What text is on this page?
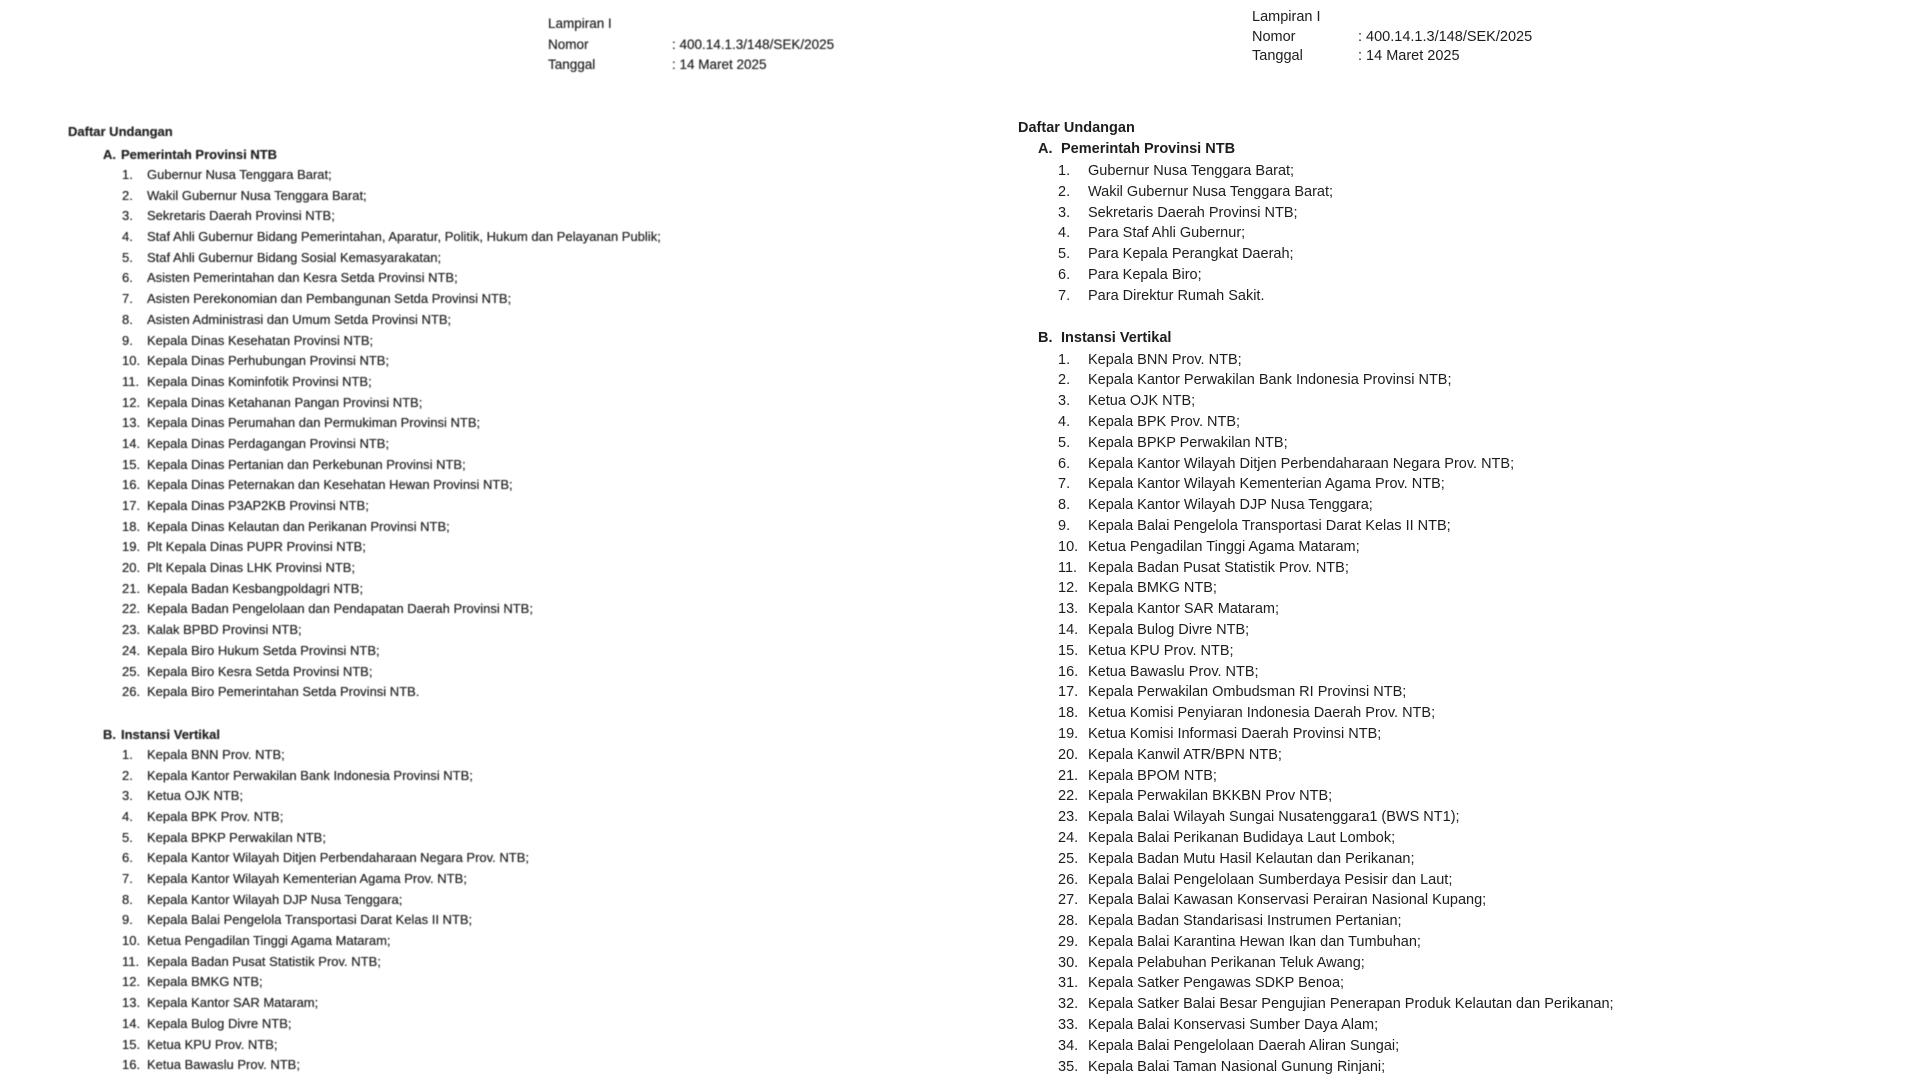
Lampiran I
Nomor	: 400.14.1.3/148/SEK/2025
Tanggal	: 14 Maret 2025
Daftar Undangan
A. Pemerintah Provinsi NTB
1.	Gubernur Nusa Tenggara Barat;
2.	Wakil Gubernur Nusa Tenggara Barat;
3.	Sekretaris Daerah Provinsi NTB;
4.	Staf Ahli Gubernur Bidang Pemerintahan, Aparatur, Politik, Hukum dan Pelayanan Publik;
5.	Staf Ahli Gubernur Bidang Sosial Kemasyarakatan;
6.	Asisten Pemerintahan dan Kesra Setda Provinsi NTB;
7.	Asisten Perekonomian dan Pembangunan Setda Provinsi NTB;
8.	Asisten Administrasi dan Umum Setda Provinsi NTB;
9.	Kepala Dinas Kesehatan Provinsi NTB;
10. Kepala Dinas Perhubungan Provinsi NTB;
11. Kepala Dinas Kominfotik Provinsi NTB;
12. Kepala Dinas Ketahanan Pangan Provinsi NTB;
13. Kepala Dinas Perumahan dan Permukiman Provinsi NTB;
14. Kepala Dinas Perdagangan Provinsi NTB;
15. Kepala Dinas Pertanian dan Perkebunan Provinsi NTB;
16. Kepala Dinas Peternakan dan Kesehatan Hewan Provinsi NTB;
17. Kepala Dinas P3AP2KB Provinsi NTB;
18. Kepala Dinas Kelautan dan Perikanan Provinsi NTB;
19. Plt Kepala Dinas PUPR Provinsi NTB;
20. Plt Kepala Dinas LHK Provinsi NTB;
21. Kepala Badan Kesbangpoldagri NTB;
22. Kepala Badan Pengelolaan dan Pendapatan Daerah Provinsi NTB;
23. Kalak BPBD Provinsi NTB;
24. Kepala Biro Hukum Setda Provinsi NTB;
25. Kepala Biro Kesra Setda Provinsi NTB;
26. Kepala Biro Pemerintahan Setda Provinsi NTB.
B. Instansi Vertikal
1.	Kepala BNN Prov. NTB;
2.	Kepala Kantor Perwakilan Bank Indonesia Provinsi NTB;
3.	Ketua OJK NTB;
4.	Kepala BPK Prov. NTB;
5.	Kepala BPKP Perwakilan NTB;
6.	Kepala Kantor Wilayah Ditjen Perbendaharaan Negara Prov. NTB;
7.	Kepala Kantor Wilayah Kementerian Agama Prov. NTB;
8.	Kepala Kantor Wilayah DJP Nusa Tenggara;
9.	Kepala Balai Pengelola Transportasi Darat Kelas II NTB;
10. Ketua Pengadilan Tinggi Agama Mataram;
11. Kepala Badan Pusat Statistik Prov. NTB;
12. Kepala BMKG NTB;
13. Kepala Kantor SAR Mataram;
14. Kepala Bulog Divre NTB;
15. Ketua KPU Prov. NTB;
16. Ketua Bawaslu Prov. NTB;
Lampiran I
Nomor	: 400.14.1.3/148/SEK/2025
Tanggal	: 14 Maret 2025
Daftar Undangan
A. Pemerintah Provinsi NTB
1.	Gubernur Nusa Tenggara Barat;
2.	Wakil Gubernur Nusa Tenggara Barat;
3.	Sekretaris Daerah Provinsi NTB;
4.	Para Staf Ahli Gubernur;
5.	Para Kepala Perangkat Daerah;
6.	Para Kepala Biro;
7.	Para Direktur Rumah Sakit.
B. Instansi Vertikal
1.	Kepala BNN Prov. NTB;
2.	Kepala Kantor Perwakilan Bank Indonesia Provinsi NTB;
3.	Ketua OJK NTB;
4.	Kepala BPK Prov. NTB;
5.	Kepala BPKP Perwakilan NTB;
6.	Kepala Kantor Wilayah Ditjen Perbendaharaan Negara Prov. NTB;
7.	Kepala Kantor Wilayah Kementerian Agama Prov. NTB;
8.	Kepala Kantor Wilayah DJP Nusa Tenggara;
9.	Kepala Balai Pengelola Transportasi Darat Kelas II NTB;
10. Ketua Pengadilan Tinggi Agama Mataram;
11. Kepala Badan Pusat Statistik Prov. NTB;
12. Kepala BMKG NTB;
13. Kepala Kantor SAR Mataram;
14. Kepala Bulog Divre NTB;
15. Ketua KPU Prov. NTB;
16. Ketua Bawaslu Prov. NTB;
17. Kepala Perwakilan Ombudsman RI Provinsi NTB;
18. Ketua Komisi Penyiaran Indonesia Daerah Prov. NTB;
19. Ketua Komisi Informasi Daerah Provinsi NTB;
20. Kepala Kanwil ATR/BPN NTB;
21. Kepala BPOM NTB;
22. Kepala Perwakilan BKKBN Prov NTB;
23. Kepala Balai Wilayah Sungai Nusatenggara1 (BWS NT1);
24. Kepala Balai Perikanan Budidaya Laut Lombok;
25. Kepala Badan Mutu Hasil Kelautan dan Perikanan;
26. Kepala Balai Pengelolaan Sumberdaya Pesisir dan Laut;
27. Kepala Balai Kawasan Konservasi Perairan Nasional Kupang;
28. Kepala Badan Standarisasi Instrumen Pertanian;
29. Kepala Balai Karantina Hewan Ikan dan Tumbuhan;
30. Kepala Pelabuhan Perikanan Teluk Awang;
31. Kepala Satker Pengawas SDKP Benoa;
32. Kepala Satker Balai Besar Pengujian Penerapan Produk Kelautan dan Perikanan;
33. Kepala Balai Konservasi Sumber Daya Alam;
34. Kepala Balai Pengelolaan Daerah Aliran Sungai;
35. Kepala Balai Taman Nasional Gunung Rinjani;
